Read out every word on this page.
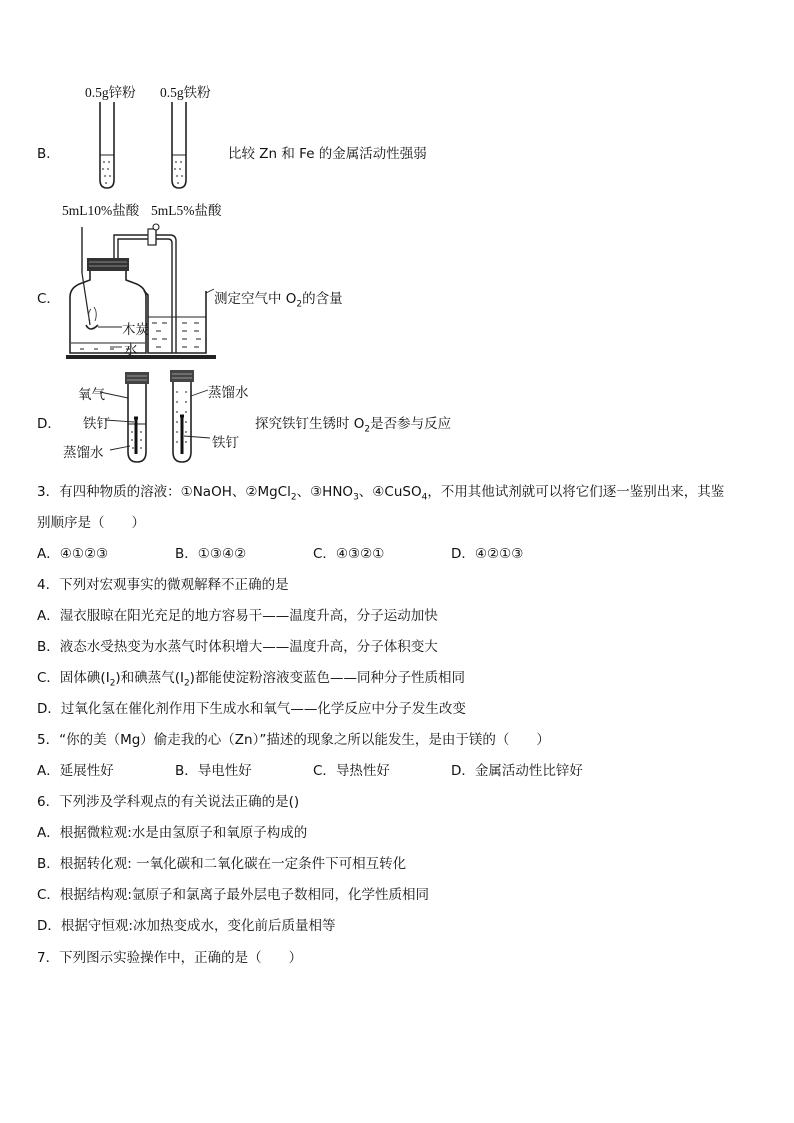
0.5g锌粉 0.5g铁粉
B．	比较 Zn 和 Fe 的金属活动性强弱
5mL10%盐酸 5mL5%盐酸
C．
木炭
水
测定空气中 $O_2$的含量
D．
氧气
铁钉
蒸馏水
蒸馏水
铁钉
探究铁钉生锈时 $O_2$是否参与反应
3．有四种物质的溶液：①NaOH、②MgCl$_2$、$③HNO_3$、④CuSO$_4$，不用其他试剂就可以将它们逐一鉴别出来，其鉴
别顺序是（　　）
A．④①②③	B．①③④②	C．④③②①	D．④②①③
4．下列对宏观事实的微观解释不正确的是
A．湿衣服晾在阳光充足的地方容易干——温度升高，分子运动加快
B．液态水受热变为水蒸气时体积增大——温度升高，分子体积变大
C．固体碘$(I_2)$和碘蒸气$(I_2)$都能使淀粉溶液变蓝色——同种分子性质相同
D．过氧化氢在催化剂作用下生成水和氧气——化学反应中分子发生改变
5．“你的美（Mg）偷走我的心（Zn）”描述的现象之所以能发生，是由于镁的（　　）
A．延展性好	B．导电性好	C．导热性好	D．金属活动性比锌好
6．下列涉及学科观点的有关说法正确的是()
A．根据微粒观:水是由氢原子和氧原子构成的
B．根据转化观: 一氧化碳和二氧化碳在一定条件下可相互转化
C．根据结构观:氩原子和氯离子最外层电子数相同，化学性质相同
D．根据守恒观:冰加热变成水，变化前后质量相等
7．下列图示实验操作中，正确的是（　　）
